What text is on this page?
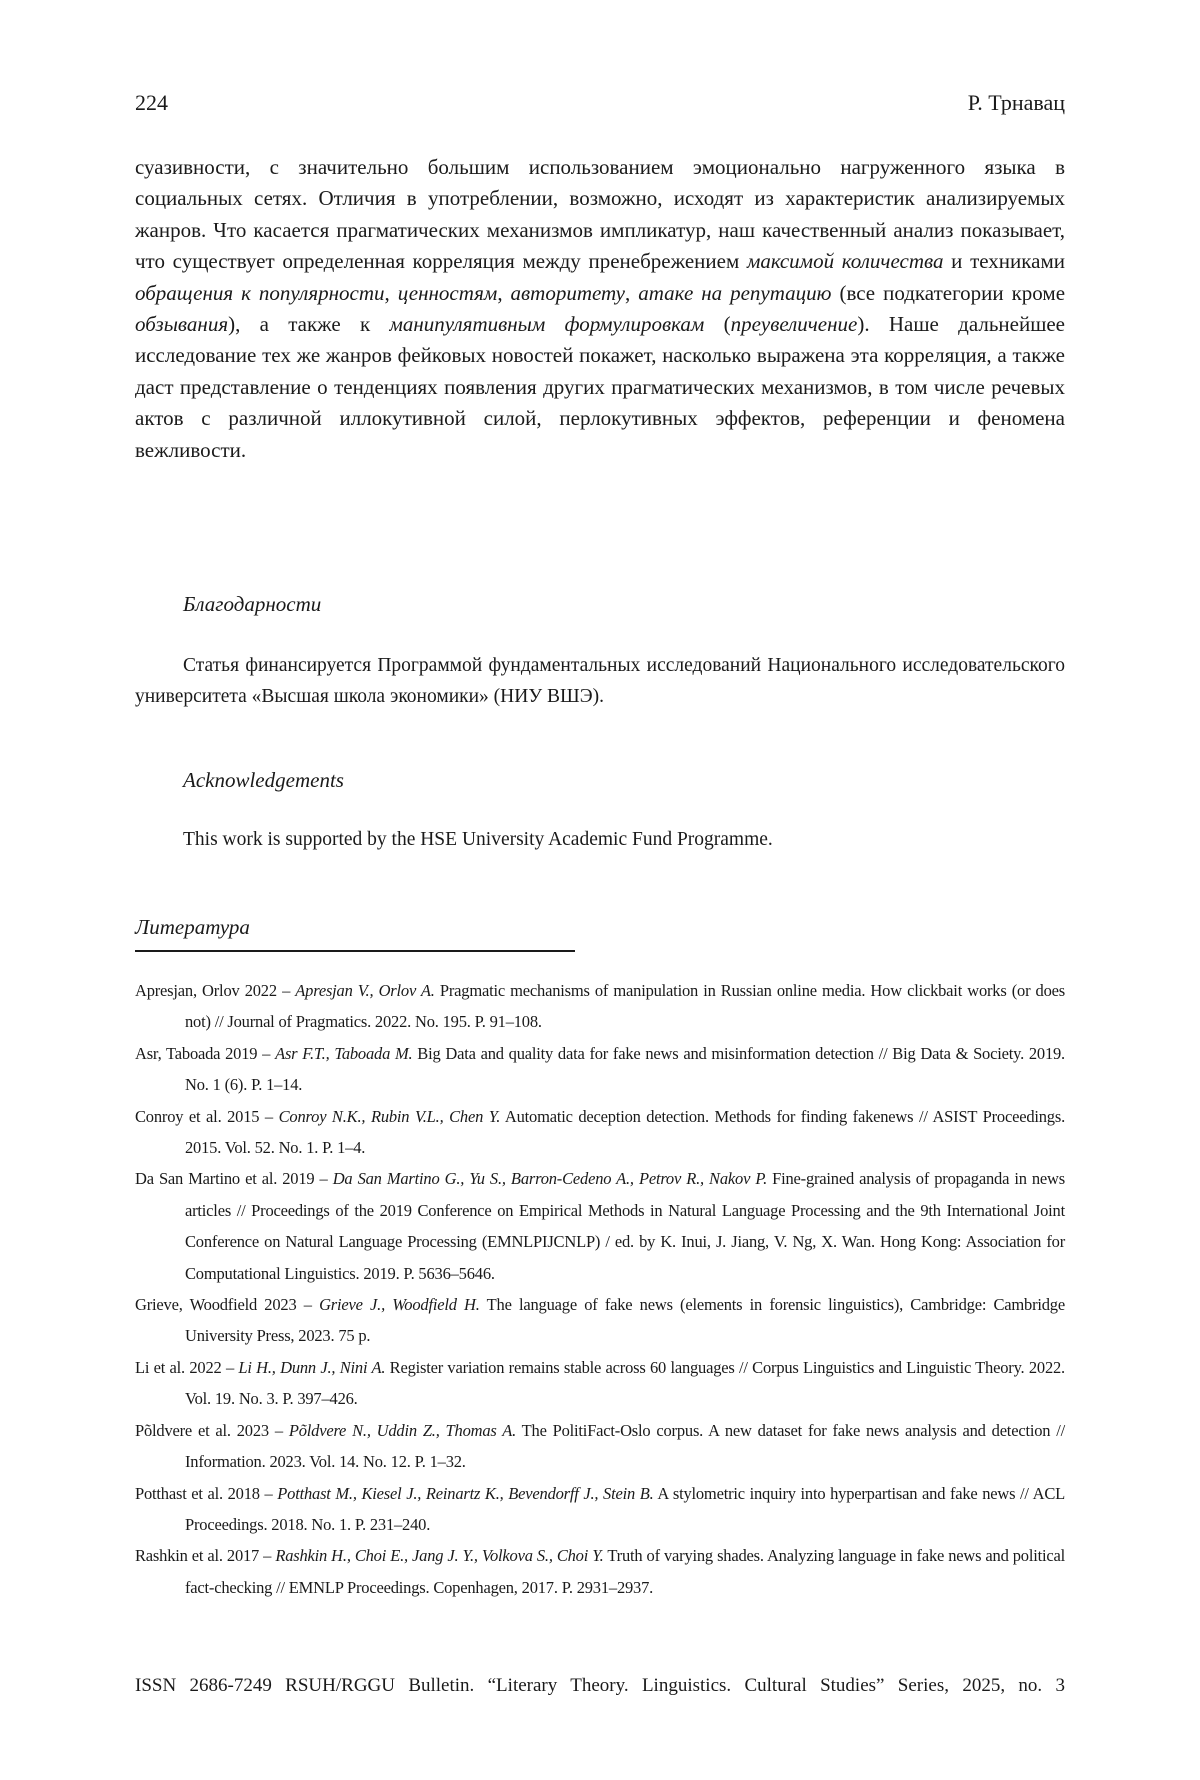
224	Р. Трнавац
суазивности, с значительно большим использованием эмоционально нагружен­ного языка в социальных сетях. Отличия в употреблении, возможно, исходят из характеристик анализируемых жанров. Что касается прагматических механизмов импликатур, наш качественный анализ показывает, что существует определенная корреляция между пренебрежением максимой количества и техниками обращения к популярности, ценностям, авторитету, атаке на репутацию (все подкатегории кроме обзывания), а также к манипулятивным формулировкам (преувеличение). Наше дальнейшее исследование тех же жанров фейковых новостей покажет, насколько выражена эта корреляция, а также даст представление о тенденциях появления других прагматических механизмов, в том числе речевых актов с раз­личной иллокутивной силой, перлокутивных эффектов, референции и феномена вежливости.
Благодарности
Статья финансируется Программой фундаментальных исследований Национального исследовательского университета «Высшая школа экономики» (НИУ ВШЭ).
Acknowledgements
This work is supported by the HSE University Academic Fund Programme.
Литература
Apresjan, Orlov 2022 – Apresjan V., Orlov A. Pragmatic mechanisms of manipulation in Russian online media. How clickbait works (or does not) // Journal of Pragmatics. 2022. No. 195. P. 91–108.
Asr, Taboada 2019 – Asr F.T., Taboada M. Big Data and quality data for fake news and misinformation detection // Big Data & Society. 2019. No. 1 (6). P. 1–14.
Conroy et al. 2015 – Conroy N.K., Rubin V.L., Chen Y. Automatic deception detection. Methods for finding fakenews // ASIST Proceedings. 2015. Vol. 52. No. 1. P. 1–4.
Da San Martino et al. 2019 – Da San Martino G., Yu S., Barron-Cedeno A., Petrov R., Nakov P. Fine-grained analysis of propaganda in news articles // Proceedings of the 2019 Conference on Empirical Methods in Natural Language Processing and the 9th International Joint Conference on Natural Language Processing (EMNLPIJCNLP) / ed. by K. Inui, J. Jiang, V. Ng, X. Wan. Hong Kong: Association for Computational Linguistics. 2019. P. 5636–5646.
Grieve, Woodfield 2023 – Grieve J., Woodfield H. The language of fake news (elements in forensic linguistics), Cambridge: Cambridge University Press, 2023. 75 p.
Li et al. 2022 – Li H., Dunn J., Nini A. Register variation remains stable across 60 languages // Corpus Linguistics and Linguistic Theory. 2022. Vol. 19. No. 3. P. 397–426.
Põldvere et al. 2023 – Põldvere N., Uddin Z., Thomas A. The PolitiFact-Oslo corpus. A new dataset for fake news analysis and detection // Information. 2023. Vol. 14. No. 12. P. 1–32.
Potthast et al. 2018 – Potthast M., Kiesel J., Reinartz K., Bevendorff J., Stein B. A stylometric inquiry into hyperpartisan and fake news // ACL Proceedings. 2018. No. 1. P. 231–240.
Rashkin et al. 2017 – Rashkin H., Choi E., Jang J. Y., Volkova S., Choi Y. Truth of varying shades. Analyzing language in fake news and political fact-checking // EMNLP Proceedings. Copenhagen, 2017. P. 2931–2937.
ISSN 2686-7249 RSUH/RGGU Bulletin. “Literary Theory. Linguistics. Cultural Studies” Series, 2025, no. 3
